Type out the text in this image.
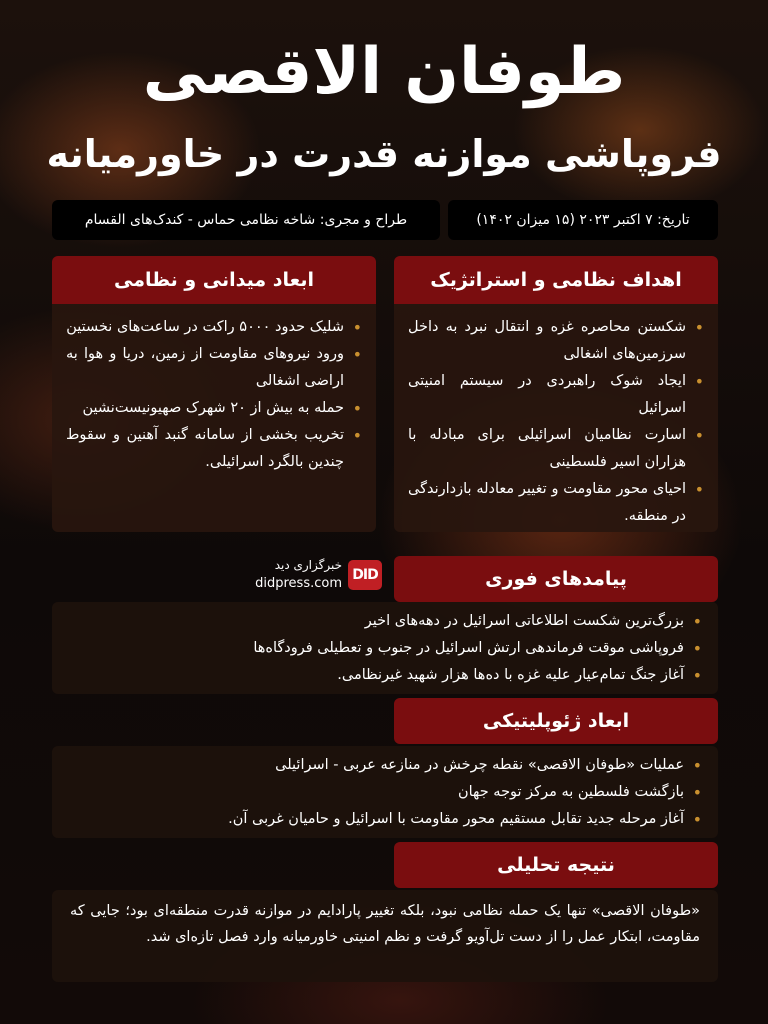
طوفان الاقصی
فروپاشی موازنه قدرت در خاورمیانه
تاریخ: ۷ اکتبر ۲۰۲۳ (۱۵ میزان ۱۴۰۲)
طراح و مجری: شاخه نظامی حماس - کندک‌های القسام
اهداف نظامی و استراتژیک
• شکستن محاصره غزه و انتقال نبرد به داخل سرزمین‌های اشغالی
• ایجاد شوک راهبردی در سیستم امنیتی اسرائیل
• اسارت نظامیان اسرائیلی برای مبادله با هزاران اسیر فلسطینی
• احیای محور مقاومت و تغییر معادله بازدارندگی در منطقه.
ابعاد میدانی و نظامی
• شلیک حدود ۵۰۰۰ راکت در ساعت‌های نخستین
• ورود نیروهای مقاومت از زمین، دریا و هوا به اراضی اشغالی
• حمله به بیش از ۲۰ شهرک صهیونیست‌نشین
• تخریب بخشی از سامانه گنبد آهنین و سقوط چندین بالگرد اسرائیلی.
DID
خبرگزاری دید
didpress.com	پیامدهای فوری
• بزرگ‌ترین شکست اطلاعاتی اسرائیل در دهه‌های اخیر
• فروپاشی موقت فرماندهی ارتش اسرائیل در جنوب و تعطیلی فرودگاه‌ها
• آغاز جنگ تمام‌عیار علیه غزه با ده‌ها هزار شهید غیرنظامی.
ابعاد ژئوپلیتیکی
• عملیات «طوفان الاقصی» نقطه چرخش در منازعه عربی - اسرائیلی
• بازگشت فلسطین به مرکز توجه جهان
• آغاز مرحله جدید تقابل مستقیم محور مقاومت با اسرائیل و حامیان غربی آن.
نتیجه تحلیلی
«طوفان الاقصی» تنها یک حمله نظامی نبود، بلکه تغییر پارادایم در موازنه قدرت منطقه‌ای بود؛ جایی که مقاومت، ابتکار عمل را از دست تل‌آویو گرفت و نظم امنیتی خاورمیانه وارد فصل تازه‌ای شد.
